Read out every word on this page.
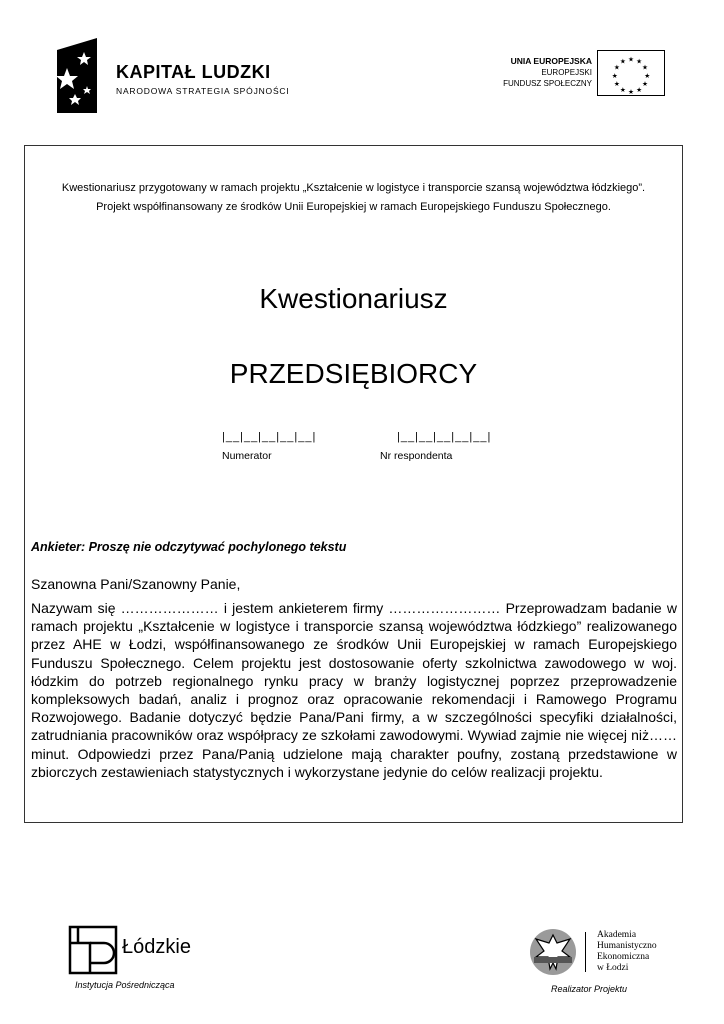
KAPITAŁ LUDZKI
NARODOWA STRATEGIA SPÓJNOŚCI
UNIA EUROPEJSKA
EUROPEJSKI
FUNDUSZ SPOŁECZNY
★ ★
★
★
★
★
★
★
★
★
★
★
Kwestionariusz przygotowany w ramach projektu „Kształcenie w logistyce i transporcie szansą województwa łódzkiego”.
Projekt współfinansowany ze środków Unii Europejskiej w ramach Europejskiego Funduszu Społecznego.
Kwestionariusz
PRZEDSIĘBIORCY
|__|__|__|__|__|
Numerator
|__|__|__|__|__|
Nr respondenta
Ankieter: Proszę nie odczytywać pochylonego tekstu
Szanowna Pani/Szanowny Panie,
Nazywam się ………………… i jestem ankieterem firmy …………………… Przeprowadzam badanie w ramach projektu „Kształcenie w logistyce i transporcie szansą województwa łódzkiego” realizowanego przez AHE w Łodzi, współfinansowanego ze środków Unii Europejskiej w ramach Europejskiego Funduszu Społecznego. Celem projektu jest dostosowanie oferty szkolnictwa zawodowego w woj. łódzkim do potrzeb regionalnego rynku pracy w branży logistycznej poprzez przeprowadzenie kompleksowych badań, analiz i prognoz oraz opracowanie rekomendacji i Ramowego Programu Rozwojowego. Badanie dotyczyć będzie Pana/Pani firmy, a w szczególności specyfiki działalności, zatrudniania pracowników oraz współpracy ze szkołami zawodowymi. Wywiad zajmie nie więcej niż…… minut. Odpowiedzi przez Pana/Panią udzielone mają charakter poufny, zostaną przedstawione w zbiorczych zestawieniach statystycznych i wykorzystane jedynie do celów realizacji projektu.
Łódzkie
Instytucja Pośrednicząca
Akademia
Humanistyczno
Ekonomiczna
w Łodzi
Realizator Projektu
